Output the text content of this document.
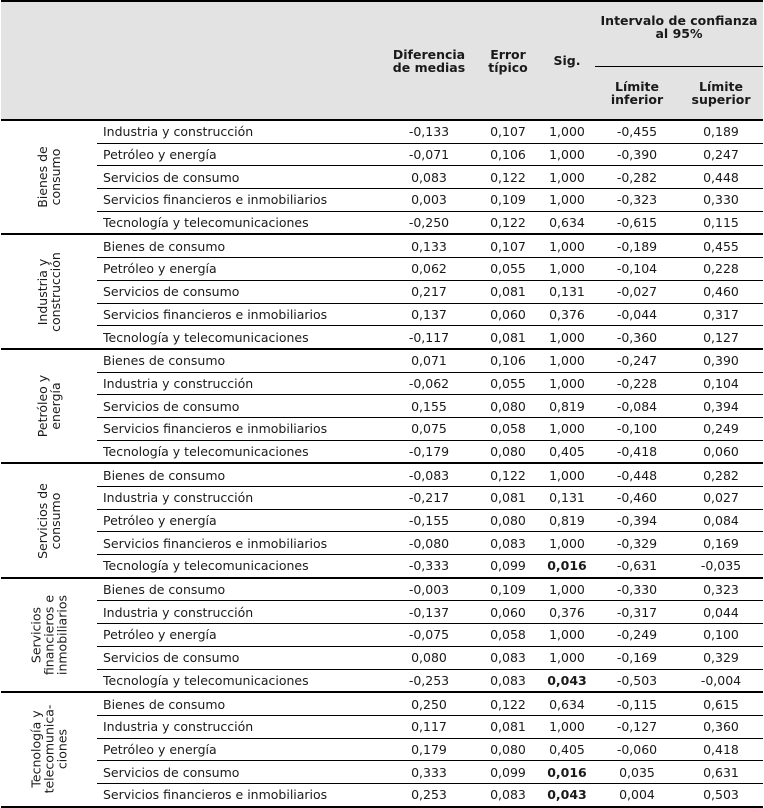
		Diferencia
de medias	Error
típico	Sig.	Intervalo de confianza
al 95%	
					Límite
inferior	Límite
superior

Bienes de
consumo	Industria y construcción	-0,133	0,107	1,000	-0,455	0,189
	Petróleo y energía	-0,071	0,106	1,000	-0,390	0,247
	Servicios de consumo	0,083	0,122	1,000	-0,282	0,448
	Servicios financieros e inmobiliarios	0,003	0,109	1,000	-0,323	0,330
	Tecnología y telecomunicaciones	-0,250	0,122	0,634	-0,615	0,115

Industria y
construcción	Bienes de consumo	0,133	0,107	1,000	-0,189	0,455
	Petróleo y energía	0,062	0,055	1,000	-0,104	0,228
	Servicios de consumo	0,217	0,081	0,131	-0,027	0,460
	Servicios financieros e inmobiliarios	0,137	0,060	0,376	-0,044	0,317
	Tecnología y telecomunicaciones	-0,117	0,081	1,000	-0,360	0,127

Petróleo y
energía	Bienes de consumo	0,071	0,106	1,000	-0,247	0,390
	Industria y construcción	-0,062	0,055	1,000	-0,228	0,104
	Servicios de consumo	0,155	0,080	0,819	-0,084	0,394
	Servicios financieros e inmobiliarios	0,075	0,058	1,000	-0,100	0,249
	Tecnología y telecomunicaciones	-0,179	0,080	0,405	-0,418	0,060

Servicios de
consumo	Bienes de consumo	-0,083	0,122	1,000	-0,448	0,282
	Industria y construcción	-0,217	0,081	0,131	-0,460	0,027
	Petróleo y energía	-0,155	0,080	0,819	-0,394	0,084
	Servicios financieros e inmobiliarios	-0,080	0,083	1,000	-0,329	0,169
	Tecnología y telecomunicaciones	-0,333	0,099	0,016	-0,631	-0,035

Servicios
financieros e
inmobiliarios	Bienes de consumo	-0,003	0,109	1,000	-0,330	0,323
	Industria y construcción	-0,137	0,060	0,376	-0,317	0,044
	Petróleo y energía	-0,075	0,058	1,000	-0,249	0,100
	Servicios de consumo	0,080	0,083	1,000	-0,169	0,329
	Tecnología y telecomunicaciones	-0,253	0,083	0,043	-0,503	-0,004

Tecnología y
telecomunica-
ciones	Bienes de consumo	0,250	0,122	0,634	-0,115	0,615
	Industria y construcción	0,117	0,081	1,000	-0,127	0,360
	Petróleo y energía	0,179	0,080	0,405	-0,060	0,418
	Servicios de consumo	0,333	0,099	0,016	0,035	0,631
	Servicios financieros e inmobiliarios	0,253	0,083	0,043	0,004	0,503
